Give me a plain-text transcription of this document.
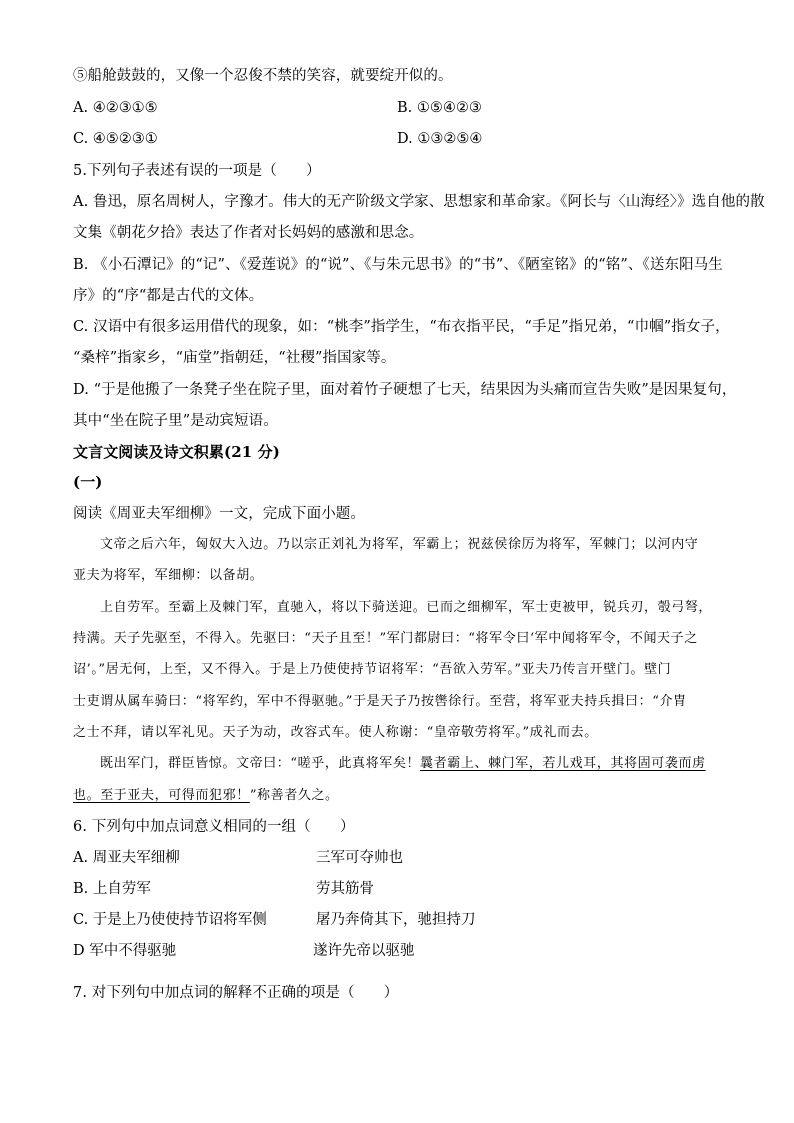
⑤船舱鼓鼓的，又像一个忍俊不禁的笑容，就要绽开似的。
A. ④②③①⑤	B. ①⑤④②③
C. ④⑤②③①	D. ①③②⑤④
5.下列句子表述有误的一项是（　　）
A. 鲁迅，原名周树人，字豫才。伟大的无产阶级文学家、思想家和革命家。《阿长与〈山海经〉》选自他的散
文集《朝花夕拾》表达了作者对长妈妈的感激和思念。
B. 《小石潭记》的“记”、《爱莲说》的“说”、《与朱元思书》的“书”、《陋室铭》的“铭”、《送东阳马生
序》的“序“都是古代的文体。
C. 汉语中有很多运用借代的现象，如：“桃李”指学生，“布衣指平民，“手足”指兄弟，“巾帼”指女子，
“桑梓”指家乡，“庙堂”指朝廷，“社稷”指国家等。
D. “于是他搬了一条凳子坐在院子里，面对着竹子硬想了七天，结果因为头痛而宣告失败”是因果复句，
其中“坐在院子里”是动宾短语。
文言文阅读及诗文积累(21 分)
(一)
阅读《周亚夫军细柳》一文，完成下面小题。
文帝之后六年，匈奴大入边。乃以宗正刘礼为将军，军霸上；祝兹侯徐厉为将军，军棘门；以河内守
亚夫为将军，军细柳：以备胡。
上自劳军。至霸上及棘门军，直驰入，将以下骑送迎。已而之细柳军，军士吏被甲，锐兵刃，彀弓弩，
持满。天子先驱至，不得入。先驱曰：“天子且至！”军门都尉曰：“将军令曰‘军中闻将军令，不闻天子之
诏’。”居无何，上至，又不得入。于是上乃使使持节诏将军：“吾欲入劳军。”亚夫乃传言开壁门。壁门
士吏谓从属车骑曰：“将军约，军中不得驱驰。”于是天子乃按辔徐行。至营，将军亚夫持兵揖曰：“介胄
之士不拜，请以军礼见。天子为动，改容式车。使人称谢：“皇帝敬劳将军。”成礼而去。
既出军门，群臣皆惊。文帝曰：“嗟乎，此真将军矣！曩者霸上、棘门军，若儿戏耳，其将固可袭而虏
也。至于亚夫，可得而犯邪！”称善者久之。
6. 下列句中加点词意义相同的一组（　　）
A. 周亚夫军细柳	三军可夺帅也
B. 上自劳军	劳其筋骨
C. 于是上乃使使持节诏将军侧	屠乃奔倚其下，驰担持刀
D 军中不得驱驰	遂许先帝以驱驰
7. 对下列句中加点词的解释不正确的项是（　　）
